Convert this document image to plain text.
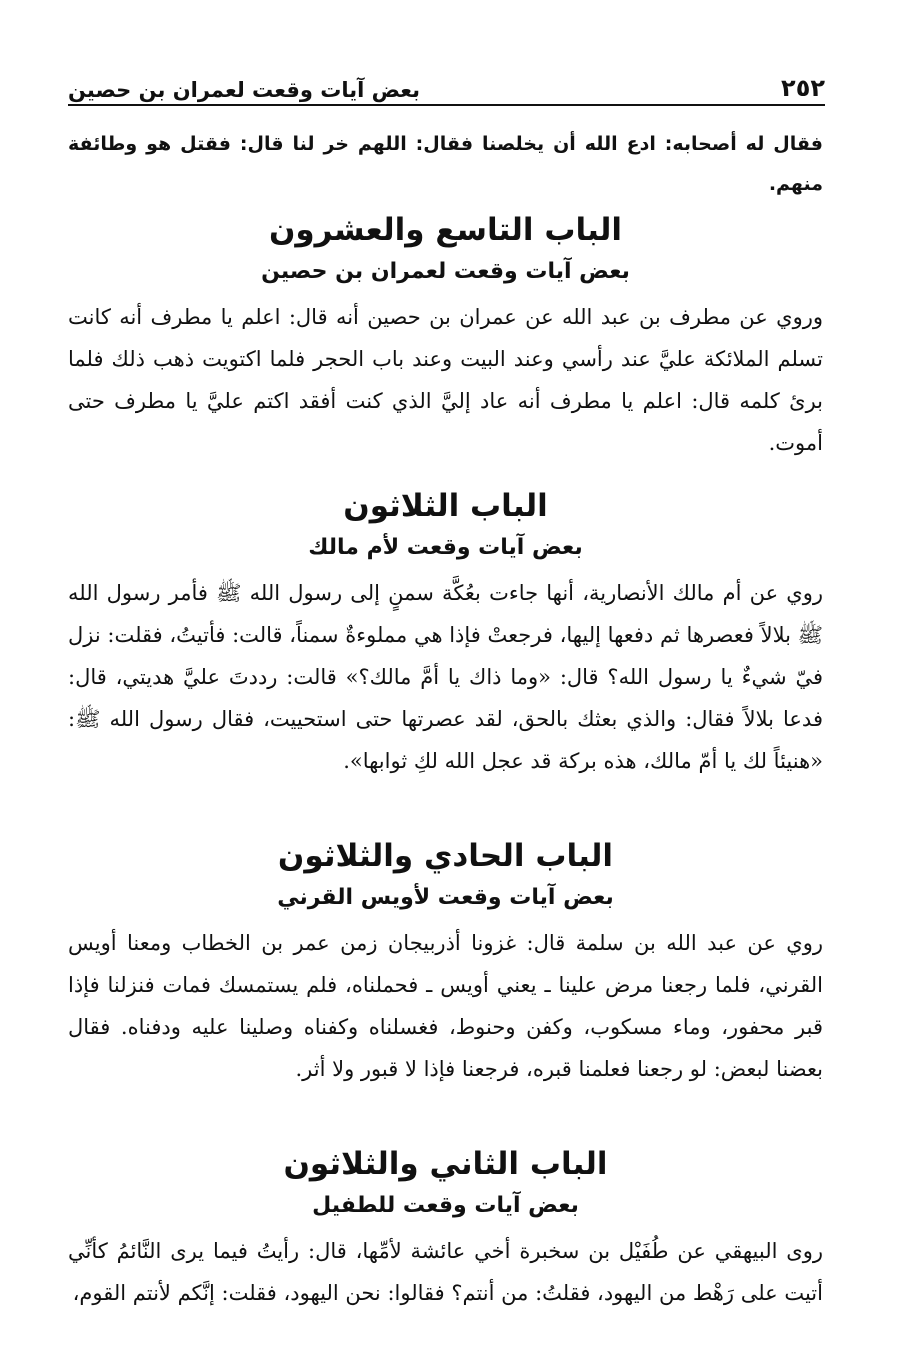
٢٥٢
بعض آيات وقعت لعمران بن حصين

فقال له أصحابه: ادع الله أن يخلصنا فقال: اللهم خر لنا قال: فقتل هو وطائفة منهم.

الباب التاسع والعشرون
بعض آيات وقعت لعمران بن حصين

وروي عن مطرف بن عبد الله عن عمران بن حصين أنه قال: اعلم يا مطرف أنه كانت تسلم الملائكة عليَّ عند رأسي وعند البيت وعند باب الحجر فلما اكتويت ذهب ذلك فلما برئ كلمه قال: اعلم يا مطرف أنه عاد إليَّ الذي كنت أفقد اكتم عليَّ يا مطرف حتى أموت.

الباب الثلاثون
بعض آيات وقعت لأم مالك

روي عن أم مالك الأنصارية، أنها جاءت بعُكَّة سمنٍ إلى رسول الله ﷺ فأمر رسول الله ﷺ بلالاً فعصرها ثم دفعها إليها، فرجعتْ فإذا هي مملوءةٌ سمناً، قالت: فأتيتُ، فقلت: نزل فيّ شيءٌ يا رسول الله؟ قال: «وما ذاك يا أمَّ مالك؟» قالت: رددتَ عليَّ هديتي، قال: فدعا بلالاً فقال: والذي بعثك بالحق، لقد عصرتها حتى استحييت، فقال رسول الله ﷺ: «هنيئاً لك يا أمّ مالك، هذه بركة قد عجل الله لكِ ثوابها».

الباب الحادي والثلاثون
بعض آيات وقعت لأويس القرني

روي عن عبد الله بن سلمة قال: غزونا أذربيجان زمن عمر بن الخطاب ومعنا أويس القرني، فلما رجعنا مرض علينا ـ يعني أويس ـ فحملناه، فلم يستمسك فمات فنزلنا فإذا قبر محفور، وماء مسكوب، وكفن وحنوط، فغسلناه وكفناه وصلينا عليه ودفناه. فقال بعضنا لبعض: لو رجعنا فعلمنا قبره، فرجعنا فإذا لا قبور ولا أثر.

الباب الثاني والثلاثون
بعض آيات وقعت للطفيل

روى البيهقي عن طُفَيْل بن سخبرة أخي عائشة لأمِّها، قال: رأيتُ فيما يرى النَّائمُ كأنِّي أتيت على رَهْط من اليهود، فقلتُ: من أنتم؟ فقالوا: نحن اليهود، فقلت: إنَّكم لأنتم القوم،
